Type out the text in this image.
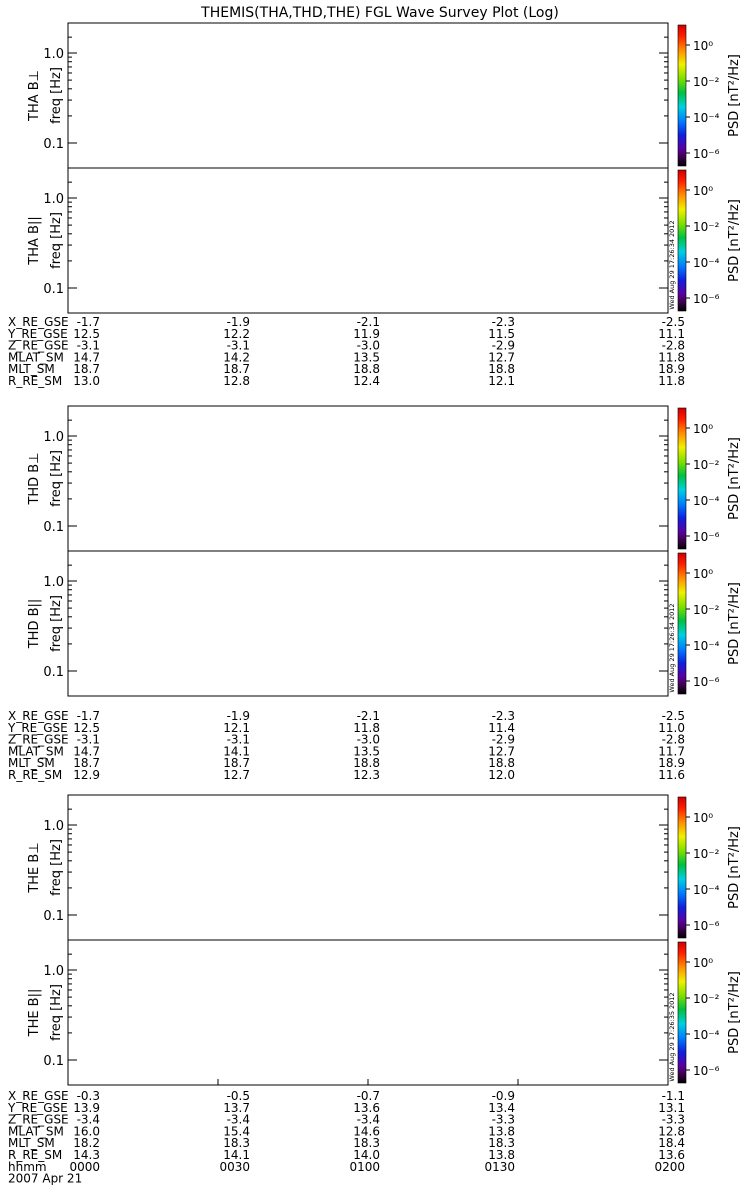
THEMIS(THA,THD,THE) FGL Wave Survey Plot (Log)
1.0
0.1
freq [Hz]
THA B⊥
10⁰
10⁻²
10⁻⁴
10⁻⁶
PSD [nT²/Hz]
1.0
0.1
freq [Hz]
THA B||
10⁰
10⁻²
10⁻⁴
10⁻⁶
PSD [nT²/Hz]
Wed Aug 29 17:26:34 2012
1.0
0.1
freq [Hz]
THD B⊥
10⁰
10⁻²
10⁻⁴
10⁻⁶
PSD [nT²/Hz]
1.0
0.1
freq [Hz]
THD B||
10⁰
10⁻²
10⁻⁴
10⁻⁶
PSD [nT²/Hz]
Wed Aug 29 17:26:34 2012
1.0
0.1
freq [Hz]
THE B⊥
10⁰
10⁻²
10⁻⁴
10⁻⁶
PSD [nT²/Hz]
1.0
0.1
freq [Hz]
THE B||
10⁰
10⁻²
10⁻⁴
10⁻⁶
PSD [nT²/Hz]
Wed Aug 29 17:26:35 2012
X_RE_GSE -1.7	-1.9	-2.1	-2.3	-2.5
Y_RE_GSE 12.5	12.2	11.9	11.5	11.1
Z_RE_GSE -3.1	-3.1	-3.0	-2.9	-2.8
MLAT_SM 14.7	14.2	13.5	12.7	11.8
MLT_SM 18.7	18.7	18.8	18.8	18.9
R_RE_SM 13.0	12.8	12.4	12.1	11.8
X_RE_GSE -1.7	-1.9	-2.1	-2.3	-2.5
Y_RE_GSE 12.5	12.1	11.8	11.4	11.0
Z_RE_GSE -3.1	-3.1	-3.0	-2.9	-2.8
MLAT_SM 14.7	14.1	13.5	12.7	11.7
MLT_SM 18.7	18.7	18.8	18.8	18.9
R_RE_SM 12.9	12.7	12.3	12.0	11.6
X_RE_GSE -0.3	-0.5	-0.7	-0.9	-1.1
Y_RE_GSE 13.9	13.7	13.6	13.4	13.1
Z_RE_GSE -3.4	-3.4	-3.4	-3.3	-3.3
MLAT_SM 16.0	15.4	14.6	13.8	12.8
MLT_SM 18.2	18.3	18.3	18.3	18.4
R_RE_SM 14.3	14.1	14.0	13.8	13.6
hhmm 0000	0030	0100	0130	0200
2007 Apr 21
